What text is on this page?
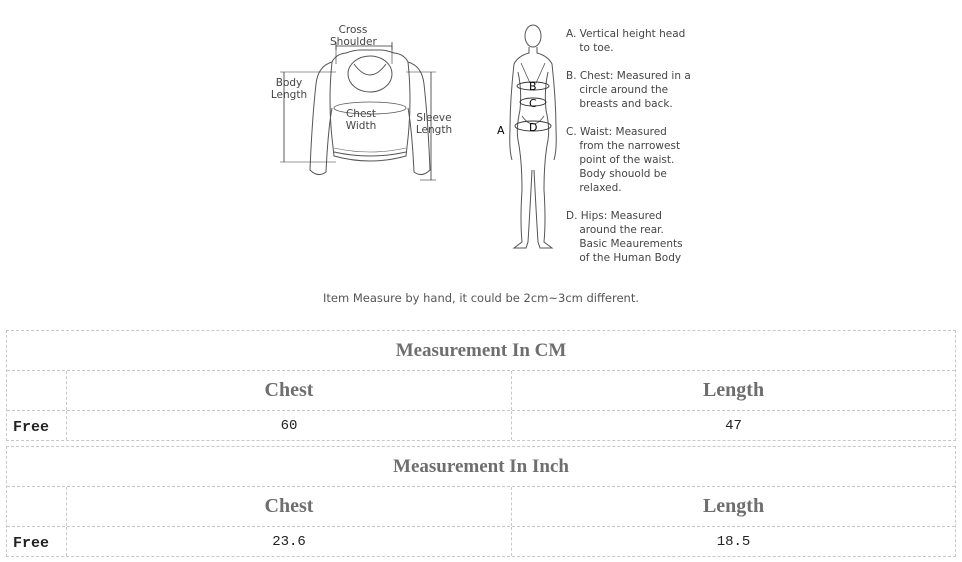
Cross
Shoulder
Body
Length
Chest
Width
Sleeve
Length	A
B
C
D
A. Vertical height head
to toe.
B. Chest: Measured in a
circle around the
breasts and back.
C. Waist: Measured
from the narrowest
point of the waist.
Body shouold be
relaxed.
D. Hips: Measured
around the rear.
Basic Meaurements
of the Human Body
Item Measure by hand, it could be 2cm~3cm different.
Measurement In CM
Chest	Length
Free	60	47
Measurement In Inch
Chest	Length
Free	23.6	18.5
